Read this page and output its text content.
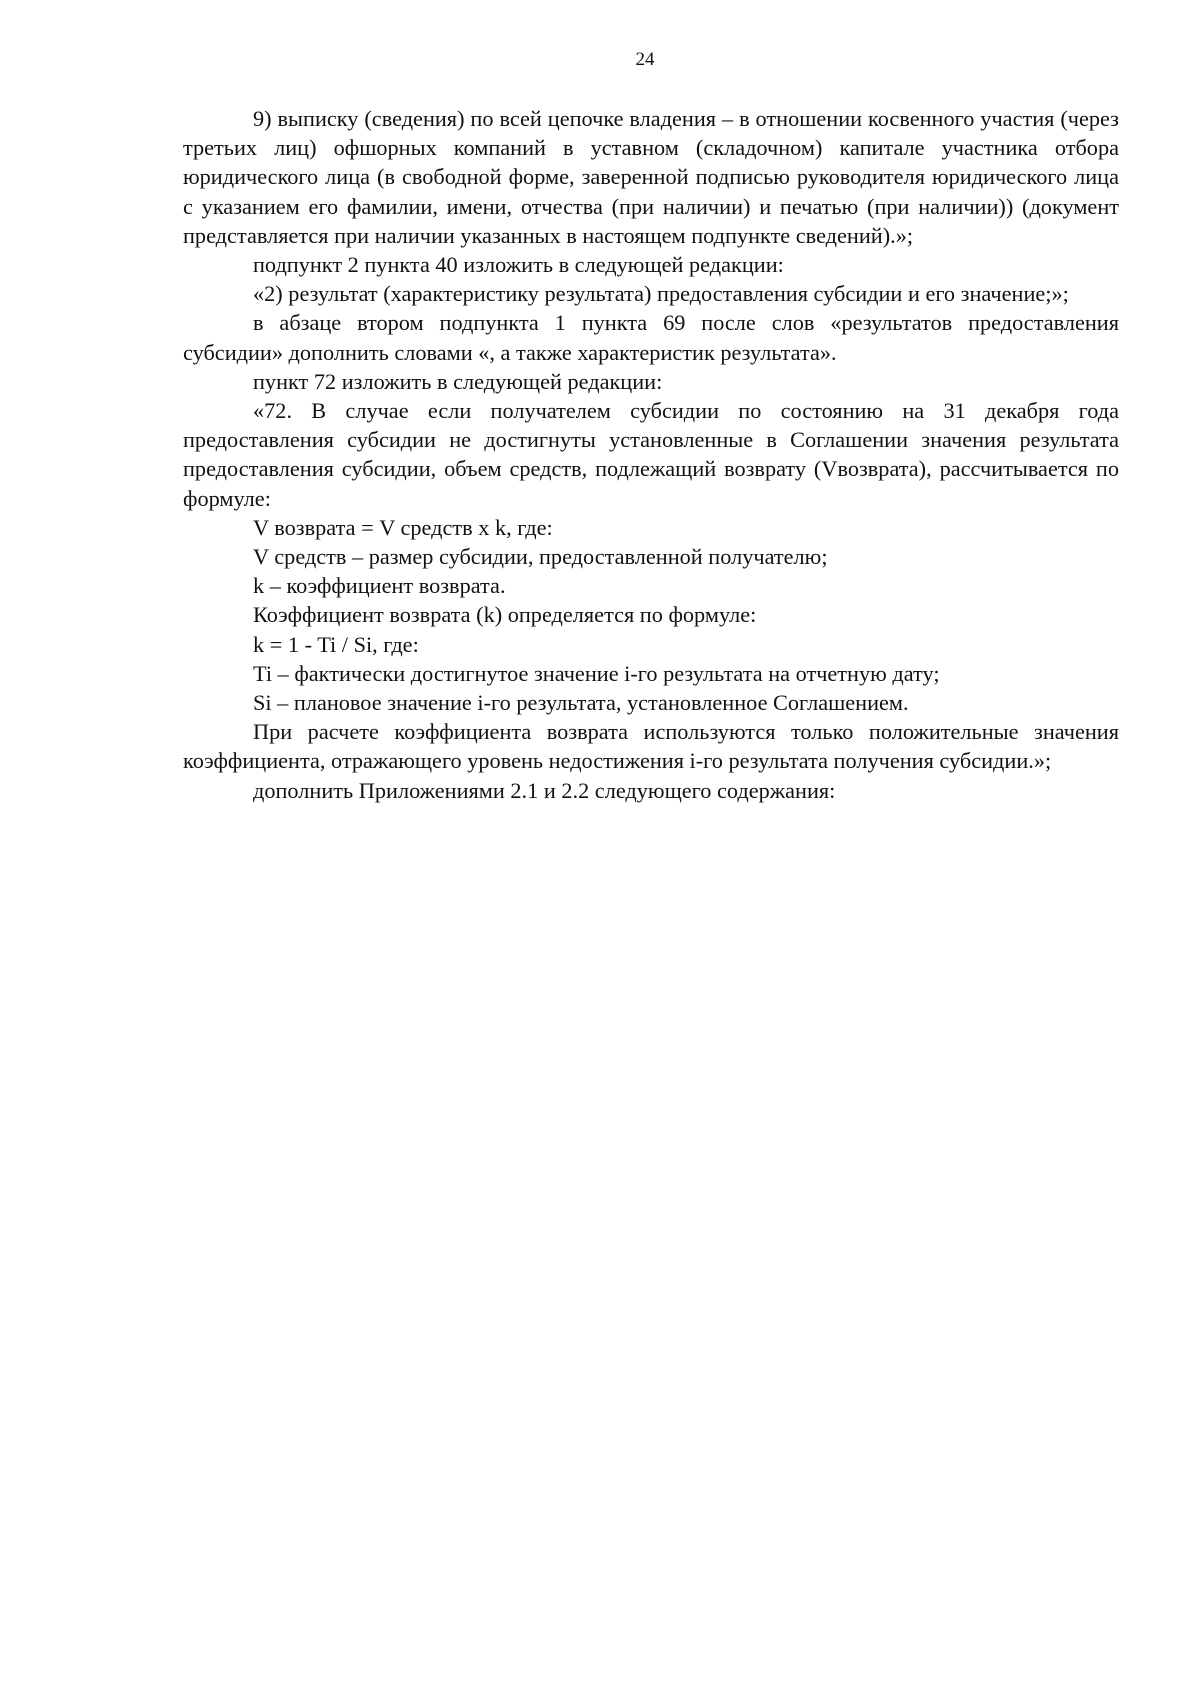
24

9) выписку (сведения) по всей цепочке владения – в отношении косвенного участия (через третьих лиц) офшорных компаний в уставном (складочном) капитале участника отбора юридического лица (в свободной форме, заверенной подписью руководителя юридического лица с указанием его фамилии, имени, отчества (при наличии) и печатью (при наличии)) (документ представляется при наличии указанных в настоящем подпункте сведений).»;

подпункт 2 пункта 40 изложить в следующей редакции:

«2) результат (характеристику результата) предоставления субсидии и его значение;»;

в абзаце втором подпункта 1 пункта 69 после слов «результатов предоставления субсидии» дополнить словами «, а также характеристик результата».

пункт 72 изложить в следующей редакции:

«72. В случае если получателем субсидии по состоянию на 31 декабря года предоставления субсидии не достигнуты установленные в Соглашении значения результата предоставления субсидии, объем средств, подлежащий возврату (Vвозврата), рассчитывается по формуле:

V возврата = V средств x k, где:

V средств – размер субсидии, предоставленной получателю;

k – коэффициент возврата.

Коэффициент возврата (k) определяется по формуле:

k = 1 - Ti / Si, где:

Ti – фактически достигнутое значение i-го результата на отчетную дату;

Si – плановое значение i-го результата, установленное Соглашением.

При расчете коэффициента возврата используются только положительные значения коэффициента, отражающего уровень недостижения i-го результата получения субсидии.»;

дополнить Приложениями 2.1 и 2.2 следующего содержания:
